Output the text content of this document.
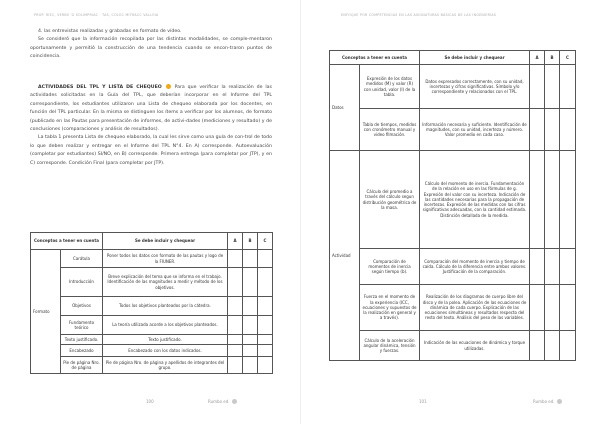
PROP. RIEC, VERBS 'G SOLIMPRIAC · TAS, COLOC MITRACC VALLOIA

4. las entrevistas realizadas y grabadas en formato de vídeo.

Se consideró que la información recopilada por las distintas modalidades, se comple-mentaron oportunamente y permitió la construcción de una tendencia cuando se encon-traron puntos de coincidencia.

ACTIVIDADES DEL TPL Y LISTA DE CHEQUEO  Para que verificar la realización de las actividades solicitadas en la Guía del TPL, que deberían incorporar en el Informe del TPL correspondiente, los estudiantes utilizaron una Lista de chequeo elaborada por los docentes, en función del TPL particular. En la misma se distinguen los ítems a verificar por los alumnos, de formato (publicado en las Pautas para presentación de informes, de activi-dades (mediciones y resultado) y de conclusiones (comparaciones y análisis de resultados).

La tabla 1 presenta Lista de chequeo elaborado, la cual les sirve como una guía de con-trol de todo lo que deben realizar y entregar en el Informe del TPL N°4. En A) corresponde. Autoevaluación (completar por estudiantes) SI/NO, en B) corresponde. Primera entrega (para completar por JTP), y en C) corresponde. Condición Final (para completar por JTP).

Conceptos a tener en cuenta		Se debe incluir y chequear	A	B	C
Formato	Carátula	Poner todos los datos con formato de las pautas y logo de la FIUNER.			
	Introducción	Breve explicación del tema que se informa en el trabajo. Identificación de las magnitudes a medir y método de los objetivos.			
	Objetivos	Todos los objetivos planteados por la cátedra.			
	Fundamento teórico	La teoría utilizada acorde a los objetivos planteados.			
	Texto justificado.	Texto justificado.			
	Encabezado	Encabezado con los datos indicados.			
	Pie de página Nro. de página	Pie de página Nro. de página y apellidos de integrantes del grupo.			
100	Rumbo ed.
ENFOQUE POR COMPETENCIAS EN LAS ASIGNATURAS BÁSICAS DE LAS INGENIERÍAS
Conceptos a tener en cuenta		Se debe incluir y chequear	A	B	C
Datos	Expresión de los datos medidos (M) y valor (R) con unidad, valor (I) de la tabla.	Datos expresados correctamente, con su unidad, incertezas y cifras significativas. Símbolo y/o correspondiente y relacionados con el TPL.			
	Tabla de tiempos, medidos con cronómetro manual y video filmación.	Información necesaria y suficiente. Identificación de magnitudes, con su unidad, incerteza y número. Valor promedio en cada caso.			
Actividad	Cálculo del promedio a través del cálculo segun distribución geométrica de la masa.	Cálculo del momento de inercia. Fundamentación de la relación en uso en las fórmulas de g. Expresión del valor con su incerteza. Indicación de las cantidades necesarias para la propagación de incertezas. Expresión de las medidas con las cifras significativas adecuadas, con la cantidad estimada. Distinción detallada de la medida.			
	Comparación de momentos de inercia según tiempo (b).	Comparación del momento de inercia y tiempo de caída. Cálculo de la diferencia entre ambos valores. Justificación de la comparación.			
	Fuerza en el momento de la experiencia (ICC, ecuaciones y supuestos de la realización en general y a través).	Realización de los diagramas de cuerpo libre del disco y de la polea. Aplicación de las ecuaciones de dinámica de cada cuerpo. Explicación de las ecuaciones simultáneas y resultados respecto del resto del texto. Análisis del peso de las variables.			
	Cálculo de la aceleración angular dinámica, tensión y fuerzas.	Indicación de las ecuaciones de dinámica y torque utilizadas.			
101	Rumbo ed.
